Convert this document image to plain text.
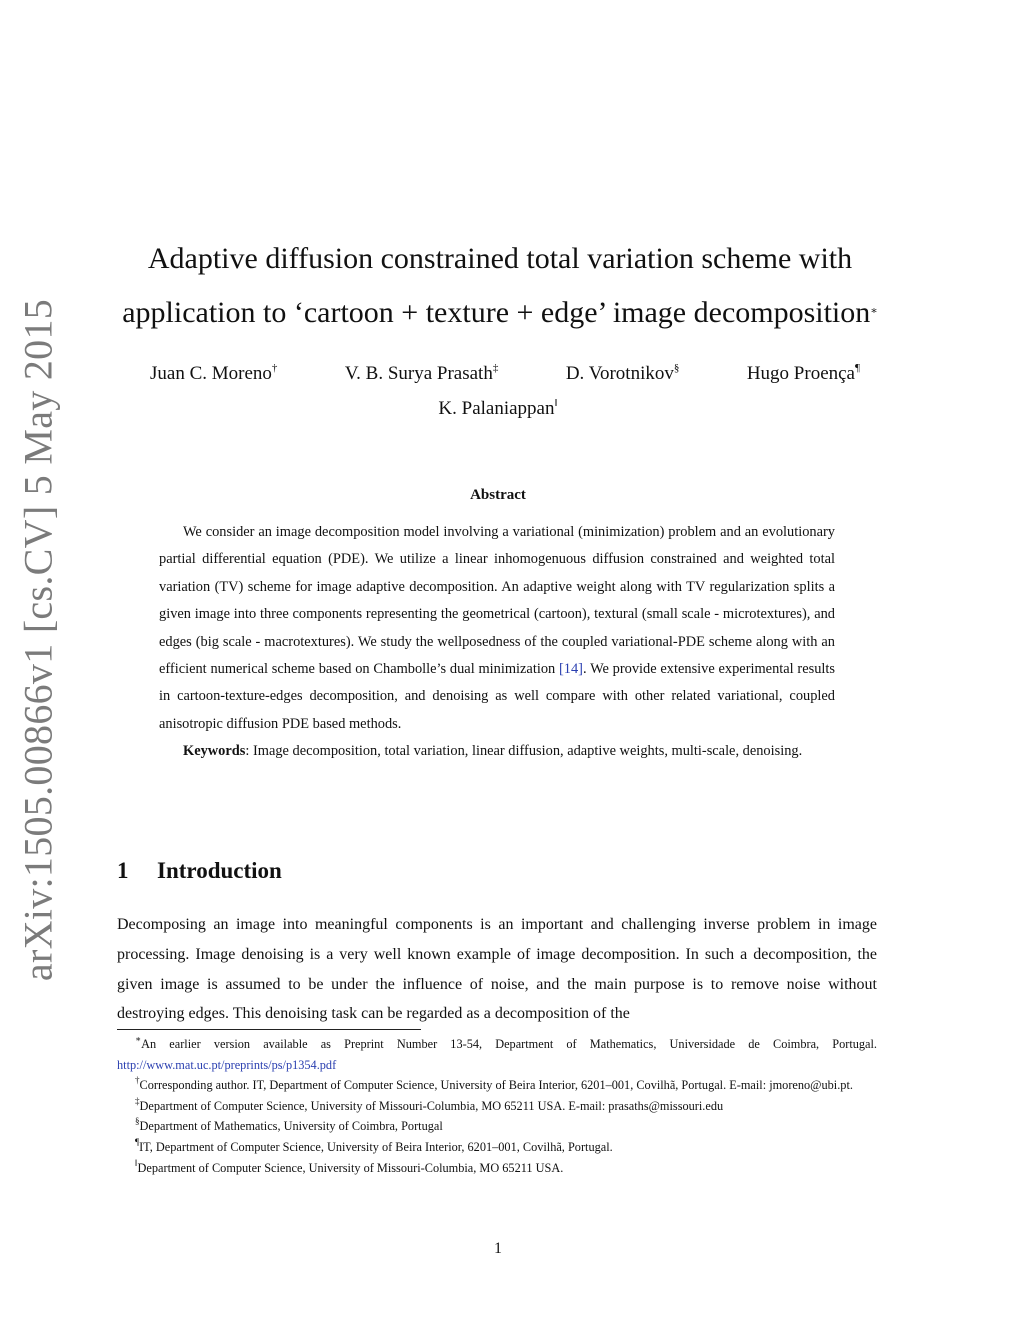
arXiv:1505.00866v1 [cs.CV] 5 May 2015
Adaptive diffusion constrained total variation scheme with
application to ‘cartoon + texture + edge’ image decomposition∗
Juan C. Moreno†	V. B. Surya Prasath‡	D. Vorotnikov§	Hugo Proença¶
K. Palaniappan‖
Abstract

We consider an image decomposition model involving a variational (minimization) problem and an evolutionary partial differential equation (PDE). We utilize a linear inhomogenuous diffusion constrained and weighted total variation (TV) scheme for image adaptive decomposition. An adaptive weight along with TV regularization splits a given image into three components representing the geometrical (cartoon), textural (small scale - microtextures), and edges (big scale - macrotextures). We study the wellposedness of the coupled variational-PDE scheme along with an efficient numerical scheme based on Chambolle’s dual minimization [14]. We provide extensive experimental results in cartoon-texture-edges decomposition, and denoising as well compare with other related variational, coupled anisotropic diffusion PDE based methods.

Keywords: Image decomposition, total variation, linear diffusion, adaptive weights, multi-scale, denoising.

1 Introduction

Decomposing an image into meaningful components is an important and challenging inverse problem in image processing. Image denoising is a very well known example of image decomposition. In such a decomposition, the given image is assumed to be under the influence of noise, and the main purpose is to remove noise without destroying edges. This denoising task can be regarded as a decomposition of the

∗An earlier version available as Preprint Number 13-54, Department of Mathematics, Universidade de Coimbra, Portugal. http://www.mat.uc.pt/preprints/ps/p1354.pdf

†Corresponding author. IT, Department of Computer Science, University of Beira Interior, 6201–001, Covilhã, Portugal. E-mail: jmoreno@ubi.pt.

‡Department of Computer Science, University of Missouri-Columbia, MO 65211 USA. E-mail: prasaths@missouri.edu

§Department of Mathematics, University of Coimbra, Portugal

¶IT, Department of Computer Science, University of Beira Interior, 6201–001, Covilhã, Portugal.

‖Department of Computer Science, University of Missouri-Columbia, MO 65211 USA.

1
